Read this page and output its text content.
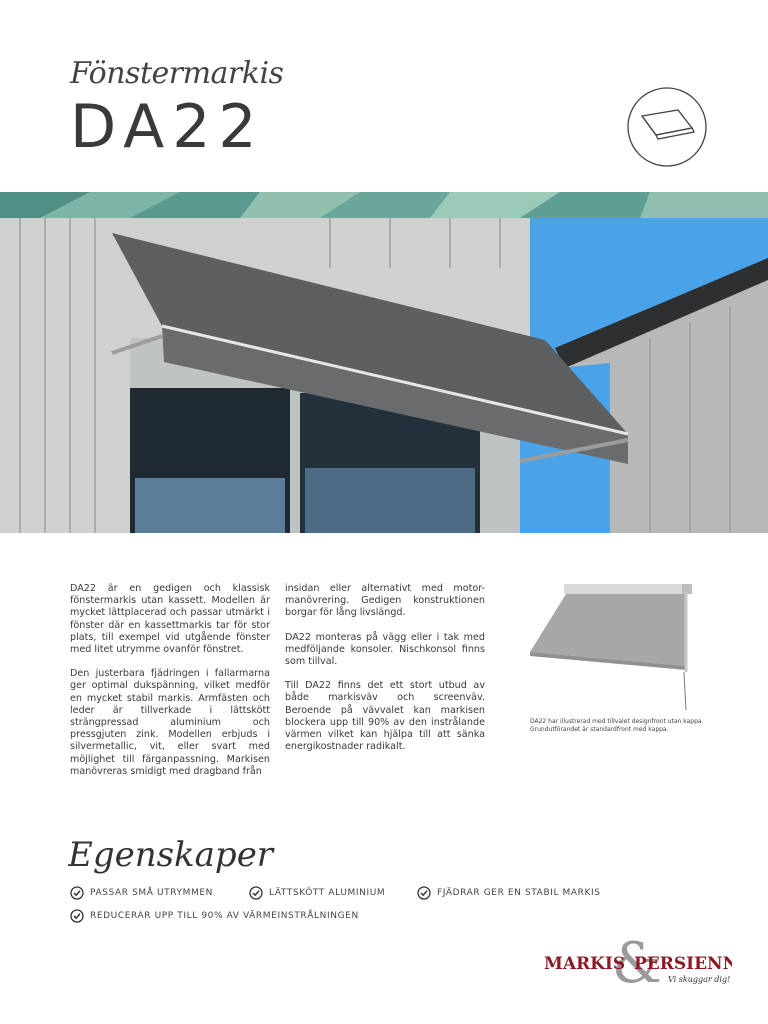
Fönstermarkis
DA22

DA22 är en gedigen och klassisk fönstermarkis utan kassett. Modellen är mycket lättplacerad och passar utmärkt i fönster där en kassettmarkis tar för stor plats, till exempel vid utgående fönster med litet utrymme ovanför fönstret.

Den justerbara fjädringen i fallarmarna ger optimal dukspänning, vilket medför en mycket stabil markis. Armfästen och leder är tillverkade i lättskött strängpressad aluminium och pressgjuten zink. Modellen erbjuds i silvermetallic, vit, eller svart med möjlighet till färganpassning. Markisen manövreras smidigt med dragband från

insidan eller alternativt med motor-manövrering. Gedigen konstruktionen borgar för lång livslängd.

DA22 monteras på vägg eller i tak med medföljande konsoler. Nischkonsol finns som tillval.

Till DA22 finns det ett stort utbud av både markisväv och screenväv. Beroende på vävvalet kan markisen blockera upp till 90% av den instrålande värmen vilket kan hjälpa till att sänka energikostnader radikalt.

DA22 har illustrerad med tillvalet designfront utan kappa. Grundutförandet är standardfront med kappa.
Egenskaper
PASSAR SMÅ UTRYMMEN	LÄTTSKÖTT ALUMINIUM	FJÄDRAR GER EN STABIL MARKIS
REDUCERAR UPP TILL 90% AV VÄRMEINSTRÅLNINGEN
&
MARKIS PERSIENN
Vi skuggar dig!
